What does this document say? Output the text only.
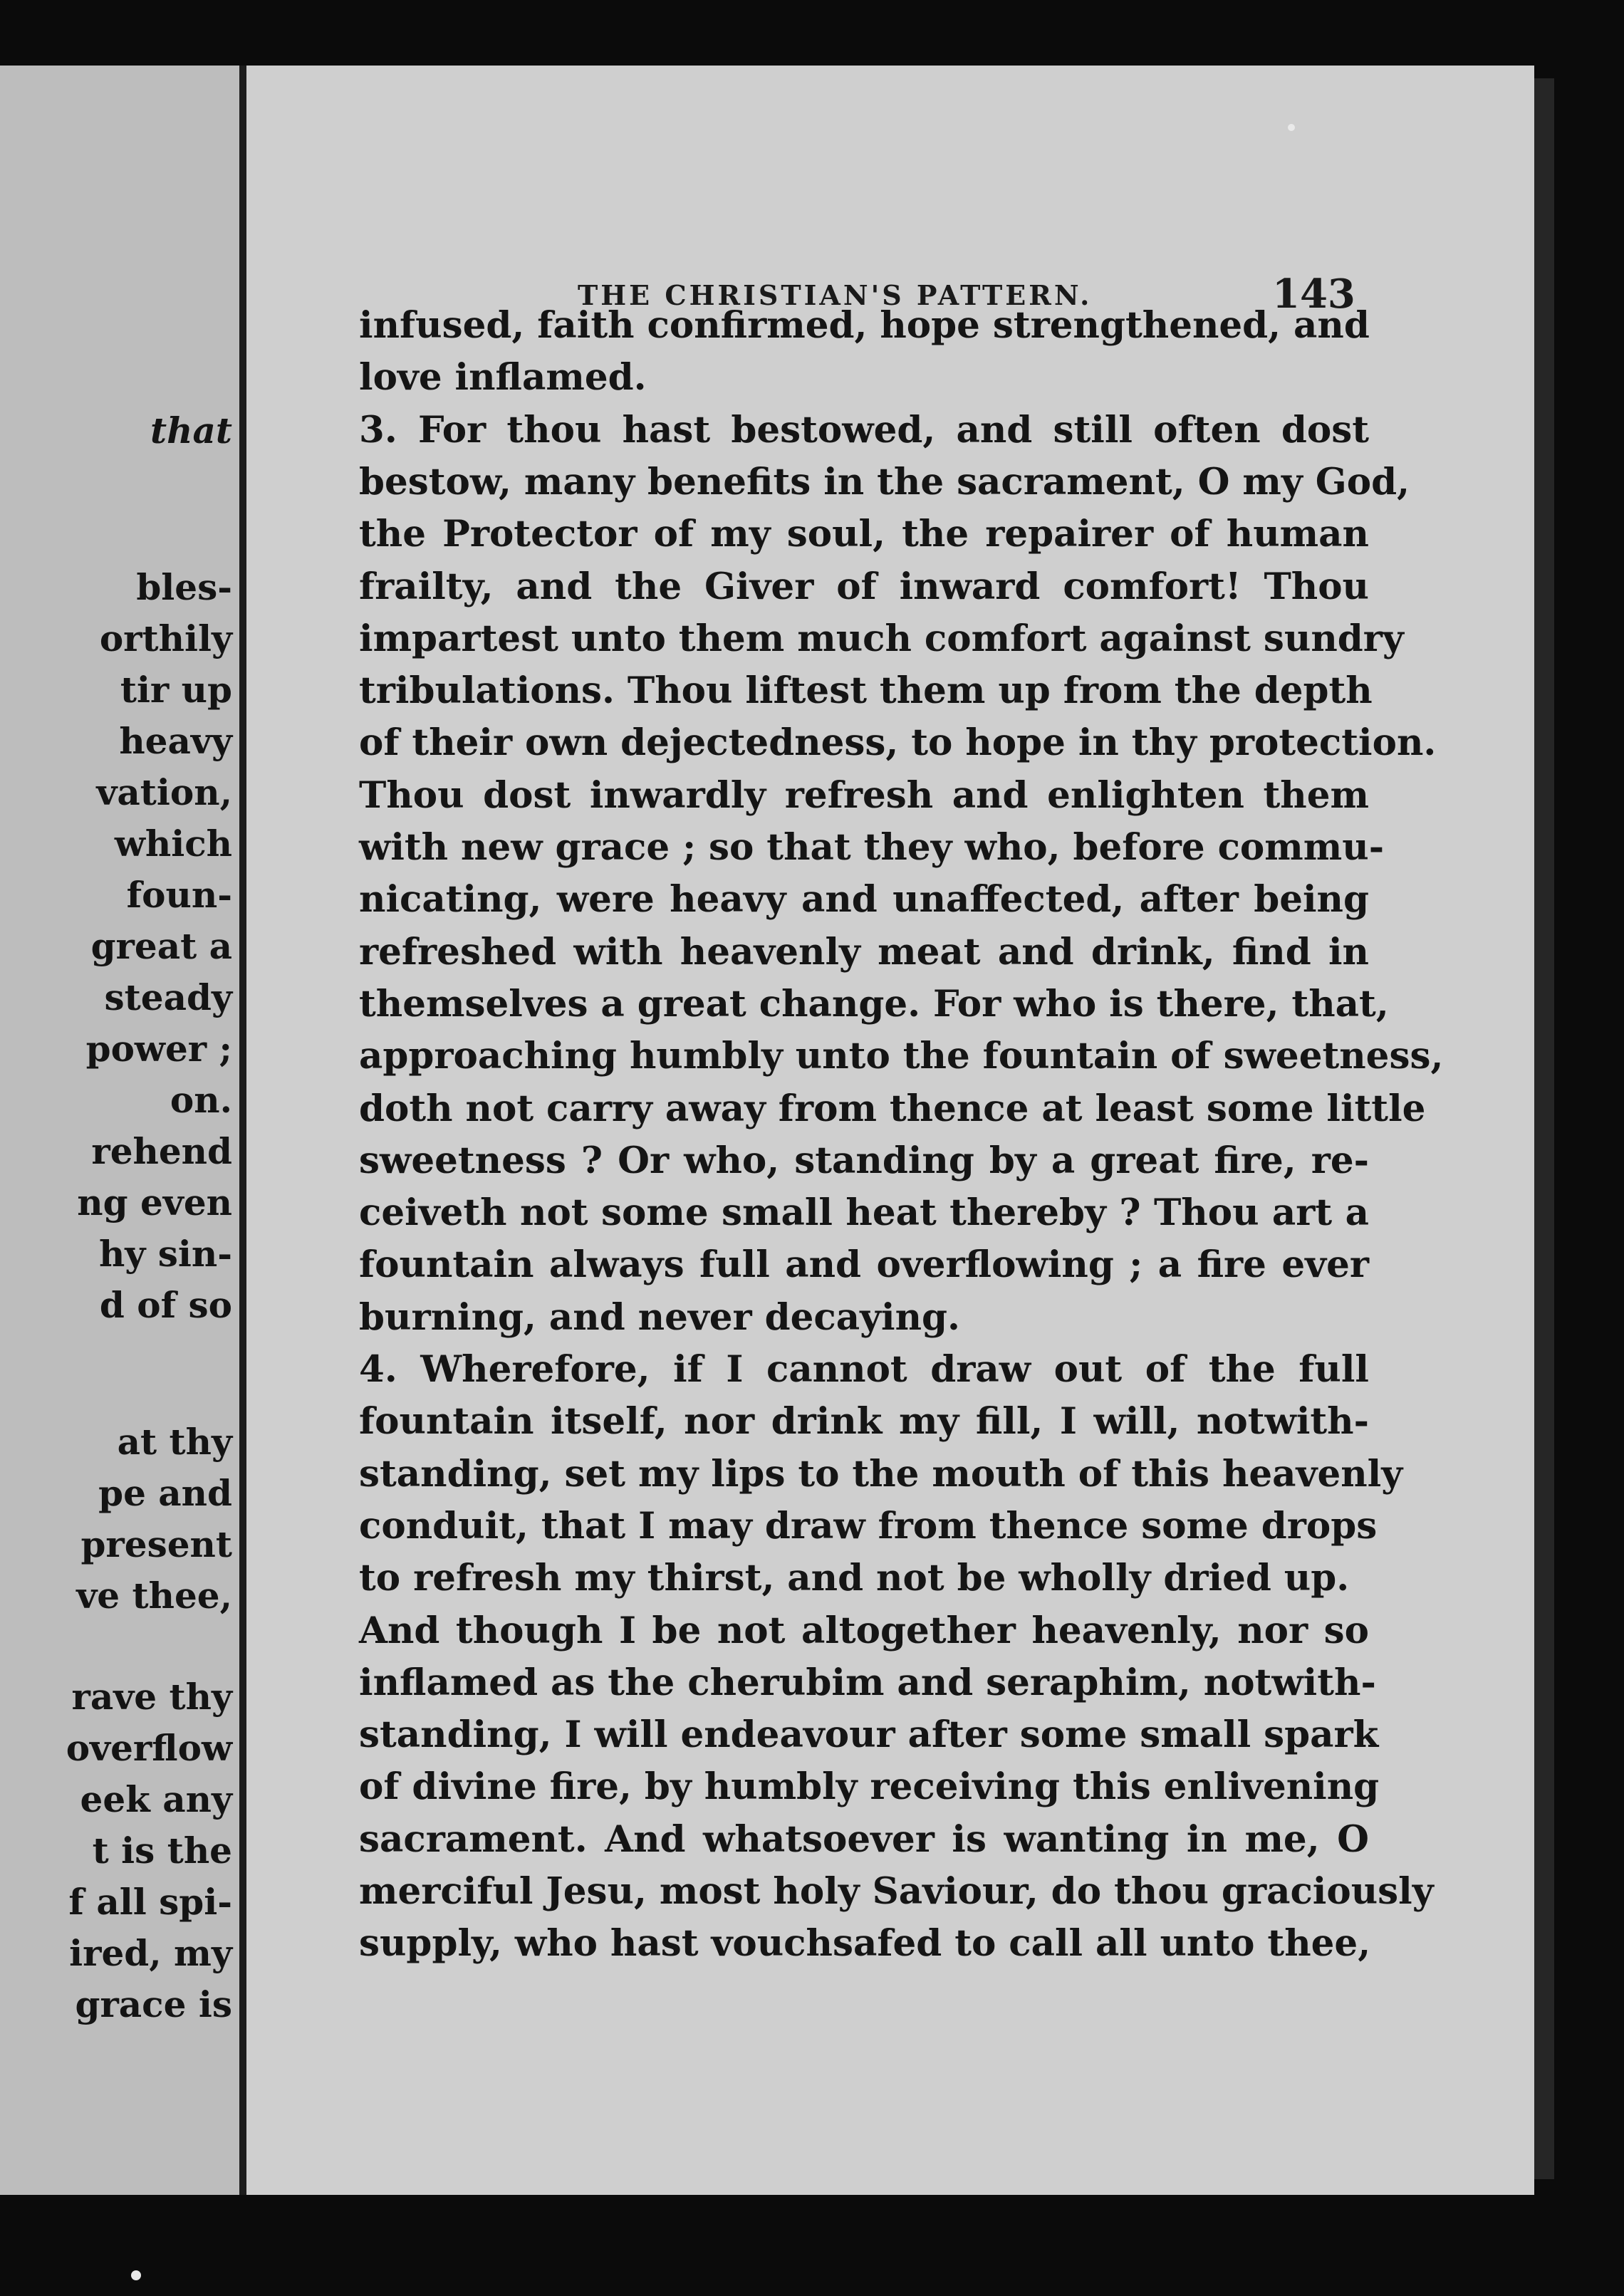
that
bles-
orthily
tir up
heavy
vation,
which
foun-
great a
steady
power ;
on.
rehend
ng even
hy sin-
d of so
at thy
pe and
present
ve thee,
rave thy
overflow
eek any
t is the
f all spi-
ired, my
grace is
THE CHRISTIAN'S PATTERN.	143
infused, faith confirmed, hope strengthened, and
love inflamed.
3. For thou hast bestowed, and still often dost
bestow, many benefits in the sacrament, O my God,
the Protector of my soul, the repairer of human
frailty, and the Giver of inward comfort! Thou
impartest unto them much comfort against sundry
tribulations. Thou liftest them up from the depth
of their own dejectedness, to hope in thy protection.
Thou dost inwardly refresh and enlighten them
with new grace ; so that they who, before commu-
nicating, were heavy and unaffected, after being
refreshed with heavenly meat and drink, find in
themselves a great change. For who is there, that,
approaching humbly unto the fountain of sweetness,
doth not carry away from thence at least some little
sweetness ? Or who, standing by a great fire, re-
ceiveth not some small heat thereby ? Thou art a
fountain always full and overflowing ; a fire ever
burning, and never decaying.
4. Wherefore, if I cannot draw out of the full
fountain itself, nor drink my fill, I will, notwith-
standing, set my lips to the mouth of this heavenly
conduit, that I may draw from thence some drops
to refresh my thirst, and not be wholly dried up.
And though I be not altogether heavenly, nor so
inflamed as the cherubim and seraphim, notwith-
standing, I will endeavour after some small spark
of divine fire, by humbly receiving this enlivening
sacrament. And whatsoever is wanting in me, O
merciful Jesu, most holy Saviour, do thou graciously
supply, who hast vouchsafed to call all unto thee,
